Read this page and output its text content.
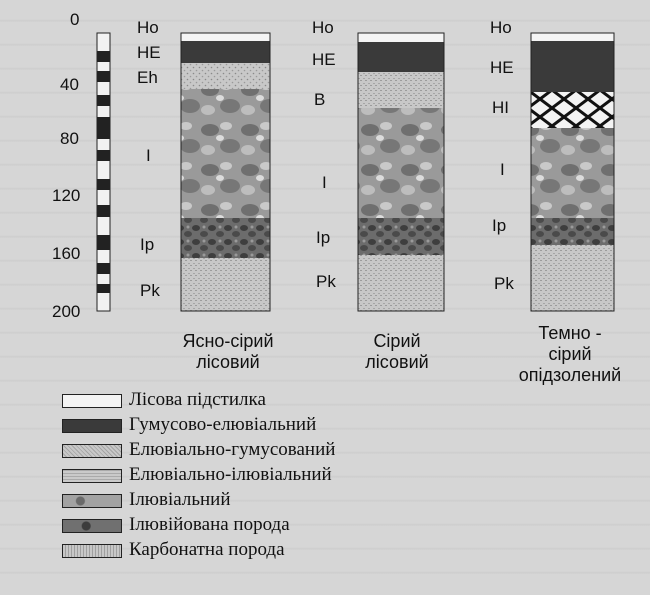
0
40
80
120
160
200
Ho
HE
Eh
I
Ip
Pk
Ho
HE
B
I
Ip
Pk
Ho
HE
HI
I
Ip
Pk
Ясно-сірий
лісовий
Сірий
лісовий
Темно -
сірий
опідзолений
Лісова підстилка
Гумусово-елювіальний
Елювіально-гумусований
Елювіально-ілювіальний
Ілювіальний
Ілювійована порода
Карбонатна порода
